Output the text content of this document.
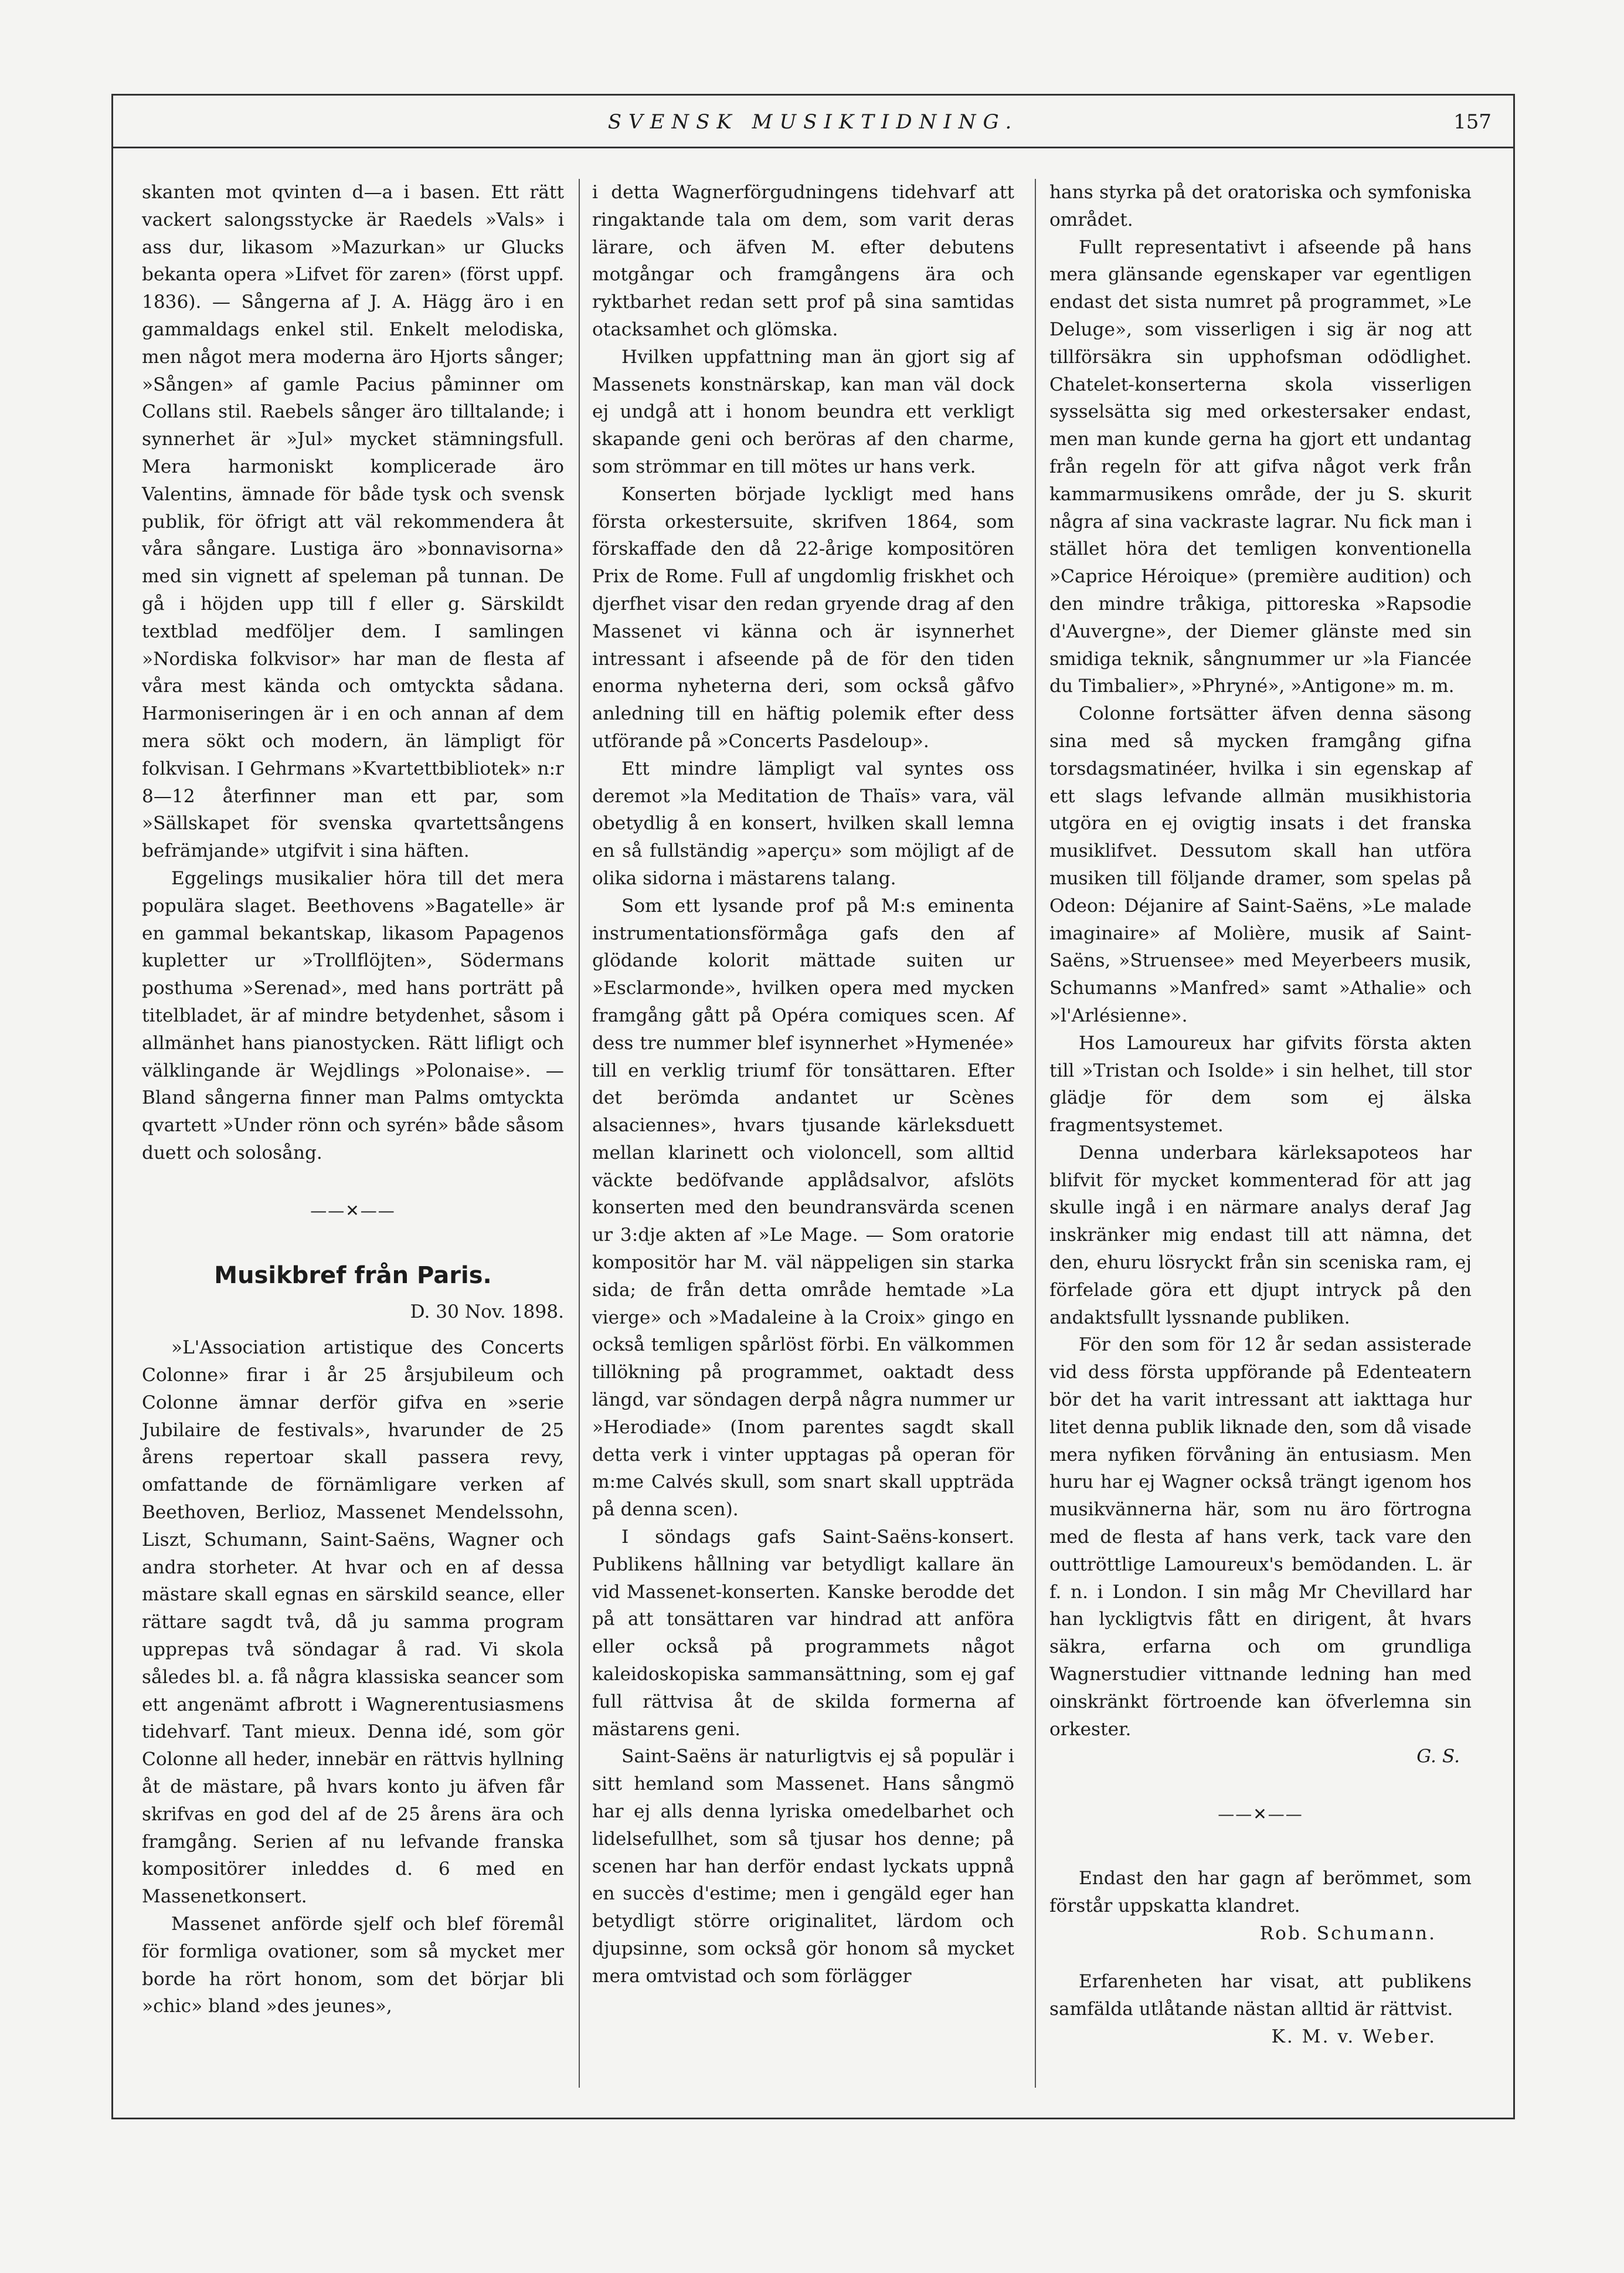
SVENSK MUSIKTIDNING.	157

skanten mot qvinten d—a i basen. Ett rätt vackert salongsstycke är Raedels »Vals» i ass dur, likasom »Mazurkan» ur Glucks bekanta opera »Lifvet för zaren» (först uppf. 1836). — Sångerna af J. A. Hägg äro i en gammaldags enkel stil. Enkelt melodiska, men något mera moderna äro Hjorts sånger; »Sången» af gamle Pacius påminner om Collans stil. Raebels sånger äro tilltalande; i synnerhet är »Jul» mycket stämningsfull. Mera harmoniskt komplicerade äro Valentins, ämnade för både tysk och svensk publik, för öfrigt att väl rekommendera åt våra sångare. Lustiga äro »bonnavisorna» med sin vignett af speleman på tunnan. De gå i höjden upp till f eller g. Särskildt textblad medföljer dem. I samlingen »Nordiska folkvisor» har man de flesta af våra mest kända och omtyckta sådana. Harmoniseringen är i en och annan af dem mera sökt och modern, än lämpligt för folkvisan. I Gehrmans »Kvartettbibliotek» n:r 8—12 återfinner man ett par, som »Sällskapet för svenska qvartettsångens befrämjande» utgifvit i sina häften.

Eggelings musikalier höra till det mera populära slaget. Beethovens »Bagatelle» är en gammal bekantskap, likasom Papagenos kupletter ur »Trollflöjten», Södermans posthuma »Serenad», med hans porträtt på titelbladet, är af mindre betydenhet, såsom i allmänhet hans pianostycken. Rätt lifligt och välklingande är Wejdlings »Polonaise». — Bland sångerna finner man Palms omtyckta qvartett »Under rönn och syrén» både såsom duett och solosång.

——✕——
Musikbref från Paris.
D. 30 Nov. 1898.

»L'Association artistique des Concerts Colonne» firar i år 25 årsjubileum och Colonne ämnar derför gifva en »serie Jubilaire de festivals», hvarunder de 25 årens repertoar skall passera revy, omfattande de förnämligare verken af Beethoven, Berlioz, Massenet Mendelssohn, Liszt, Schumann, Saint-Saëns, Wagner och andra storheter. At hvar och en af dessa mästare skall egnas en särskild seance, eller rättare sagdt två, då ju samma program upprepas två söndagar å rad. Vi skola således bl. a. få några klassiska seancer som ett angenämt afbrott i Wagnerentusiasmens tidehvarf. Tant mieux. Denna idé, som gör Colonne all heder, innebär en rättvis hyllning åt de mästare, på hvars konto ju äfven får skrifvas en god del af de 25 årens ära och framgång. Serien af nu lefvande franska kompositörer inleddes d. 6 med en Massenetkonsert.

Massenet anförde sjelf och blef föremål för formliga ovationer, som så mycket mer borde ha rört honom, som det börjar bli »chic» bland »des jeunes»,

i detta Wagnerförgudningens tidehvarf att ringaktande tala om dem, som varit deras lärare, och äfven M. efter debutens motgångar och framgångens ära och ryktbarhet redan sett prof på sina samtidas otacksamhet och glömska.

Hvilken uppfattning man än gjort sig af Massenets konstnärskap, kan man väl dock ej undgå att i honom beundra ett verkligt skapande geni och beröras af den charme, som strömmar en till mötes ur hans verk.

Konserten började lyckligt med hans första orkestersuite, skrifven 1864, som förskaffade den då 22-årige kompositören Prix de Rome. Full af ungdomlig friskhet och djerfhet visar den redan gryende drag af den Massenet vi känna och är isynnerhet intressant i afseende på de för den tiden enorma nyheterna deri, som också gåfvo anledning till en häftig polemik efter dess utförande på »Concerts Pasdeloup».

Ett mindre lämpligt val syntes oss deremot »la Meditation de Thaïs» vara, väl obetydlig å en konsert, hvilken skall lemna en så fullständig »aperçu» som möjligt af de olika sidorna i mästarens talang.

Som ett lysande prof på M:s eminenta instrumentationsförmåga gafs den af glödande kolorit mättade suiten ur »Esclarmonde», hvilken opera med mycken framgång gått på Opéra comiques scen. Af dess tre nummer blef isynnerhet »Hymenée» till en verklig triumf för tonsättaren. Efter det berömda andantet ur Scènes alsaciennes», hvars tjusande kärleksduett mellan klarinett och violoncell, som alltid väckte bedöfvande applådsalvor, afslöts konserten med den beundransvärda scenen ur 3:dje akten af »Le Mage. — Som oratorie kompositör har M. väl näppeligen sin starka sida; de från detta område hemtade »La vierge» och »Madaleine à la Croix» gingo en också temligen spårlöst förbi. En välkommen tillökning på programmet, oaktadt dess längd, var söndagen derpå några nummer ur »Herodiade» (Inom parentes sagdt skall detta verk i vinter upptagas på operan för m:me Calvés skull, som snart skall uppträda på denna scen).

I söndags gafs Saint-Saëns-konsert. Publikens hållning var betydligt kallare än vid Massenet-konserten. Kanske berodde det på att tonsättaren var hindrad att anföra eller också på programmets något kaleidoskopiska sammansättning, som ej gaf full rättvisa åt de skilda formerna af mästarens geni.

Saint-Saëns är naturligtvis ej så populär i sitt hemland som Massenet. Hans sångmö har ej alls denna lyriska omedelbarhet och lidelsefullhet, som så tjusar hos denne; på scenen har han derför endast lyckats uppnå en succès d'estime; men i gengäld eger han betydligt större originalitet, lärdom och djupsinne, som också gör honom så mycket mera omtvistad och som förlägger

hans styrka på det oratoriska och symfoniska området.

Fullt representativt i afseende på hans mera glänsande egenskaper var egentligen endast det sista numret på programmet, »Le Deluge», som visserligen i sig är nog att tillförsäkra sin upphofsman odödlighet. Chatelet-konserterna skola visserligen sysselsätta sig med orkestersaker endast, men man kunde gerna ha gjort ett undantag från regeln för att gifva något verk från kammarmusikens område, der ju S. skurit några af sina vackraste lagrar. Nu fick man i stället höra det temligen konventionella »Caprice Héroique» (première audition) och den mindre tråkiga, pittoreska »Rapsodie d'Auvergne», der Diemer glänste med sin smidiga teknik, sångnummer ur »la Fiancée du Timbalier», »Phryné», »Antigone» m. m.

Colonne fortsätter äfven denna säsong sina med så mycken framgång gifna torsdagsmatinéer, hvilka i sin egenskap af ett slags lefvande allmän musikhistoria utgöra en ej ovigtig insats i det franska musiklifvet. Dessutom skall han utföra musiken till följande dramer, som spelas på Odeon: Déjanire af Saint-Saëns, »Le malade imaginaire» af Molière, musik af Saint-Saëns, »Struensee» med Meyerbeers musik, Schumanns »Manfred» samt »Athalie» och »l'Arlésienne».

Hos Lamoureux har gifvits första akten till »Tristan och Isolde» i sin helhet, till stor glädje för dem som ej älska fragmentsystemet.

Denna underbara kärleksapoteos har blifvit för mycket kommenterad för att jag skulle ingå i en närmare analys deraf Jag inskränker mig endast till att nämna, det den, ehuru lösryckt från sin sceniska ram, ej förfelade göra ett djupt intryck på den andaktsfullt lyssnande publiken.

För den som för 12 år sedan assisterade vid dess första uppförande på Edenteatern bör det ha varit intressant att iakttaga hur litet denna publik liknade den, som då visade mera nyfiken förvåning än entusiasm. Men huru har ej Wagner också trängt igenom hos musikvännerna här, som nu äro förtrogna med de flesta af hans verk, tack vare den outtröttlige Lamoureux's bemödanden. L. är f. n. i London. I sin måg Mr Chevillard har han lyckligtvis fått en dirigent, åt hvars säkra, erfarna och om grundliga Wagnerstudier vittnande ledning han med oinskränkt förtroende kan öfverlemna sin orkester.

G. S.
——✕——

Endast den har gagn af berömmet, som förstår uppskatta klandret.

Rob. Schumann.

Erfarenheten har visat, att publikens samfälda utlåtande nästan alltid är rättvist.

K. M. v. Weber.
